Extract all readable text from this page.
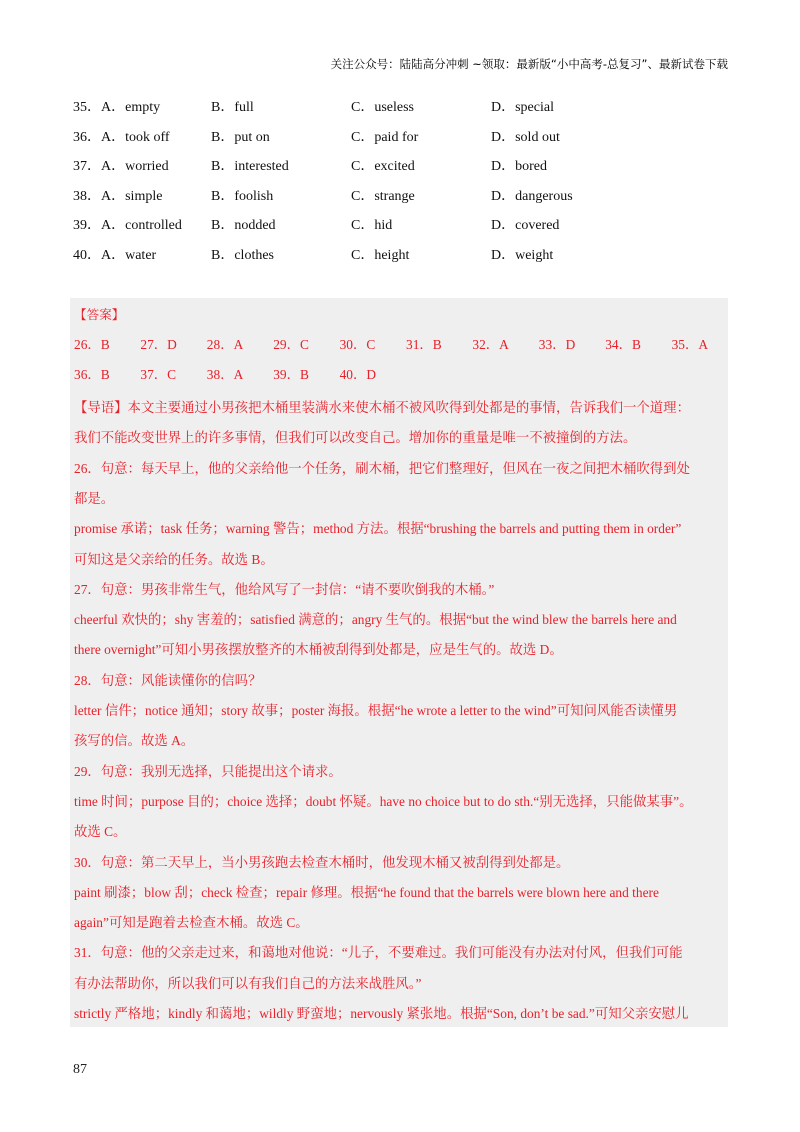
关注公众号：陆陆高分冲刺 ~领取：最新版“小中高考-总复习”、最新试卷下载
35．A．empty	B．full	C．useless	D．special
36．A．took off	B．put on	C．paid for	D．sold out
37．A．worried	B．interested	C．excited	D．bored
38．A．simple	B．foolish	C．strange	D．dangerous
39．A．controlled B．nodded	C．hid	D．covered
40．A．water	B．clothes	C．height	D．weight
【答案】
26．B 27．D 28．A 29．C 30．C 31．B 32．A 33．D 34．B 35．A
36．B 37．C 38．A 39．B 40．D
【导语】本文主要通过小男孩把木桶里装满水来使木桶不被风吹得到处都是的事情，告诉我们一个道理：
我们不能改变世界上的许多事情，但我们可以改变自己。增加你的重量是唯一不被撞倒的方法。
26．句意：每天早上，他的父亲给他一个任务，刷木桶，把它们整理好，但风在一夜之间把木桶吹得到处
都是。
promise 承诺；task 任务；warning 警告；method 方法。根据“brushing the barrels and putting them in order”
可知这是父亲给的任务。故选 B。
27．句意：男孩非常生气，他给风写了一封信：“请不要吹倒我的木桶。”
cheerful 欢快的；shy 害羞的；satisfied 满意的；angry 生气的。根据“but the wind blew the barrels here and
there overnight”可知小男孩摆放整齐的木桶被刮得到处都是，应是生气的。故选 D。
28．句意：风能读懂你的信吗？
letter 信件；notice 通知；story 故事；poster 海报。根据“he wrote a letter to the wind”可知问风能否读懂男
孩写的信。故选 A。
29．句意：我别无选择，只能提出这个请求。
time 时间；purpose 目的；choice 选择；doubt 怀疑。have no choice but to do sth.“别无选择，只能做某事”。
故选 C。
30．句意：第二天早上，当小男孩跑去检查木桶时，他发现木桶又被刮得到处都是。
paint 刷漆；blow 刮；check 检查；repair 修理。根据“he found that the barrels were blown here and there
again”可知是跑着去检查木桶。故选 C。
31．句意：他的父亲走过来，和蔼地对他说：“儿子，不要难过。我们可能没有办法对付风，但我们可能
有办法帮助你，所以我们可以有我们自己的方法来战胜风。”
strictly 严格地；kindly 和蔼地；wildly 野蛮地；nervously 紧张地。根据“Son, don’t be sad.”可知父亲安慰儿
87
